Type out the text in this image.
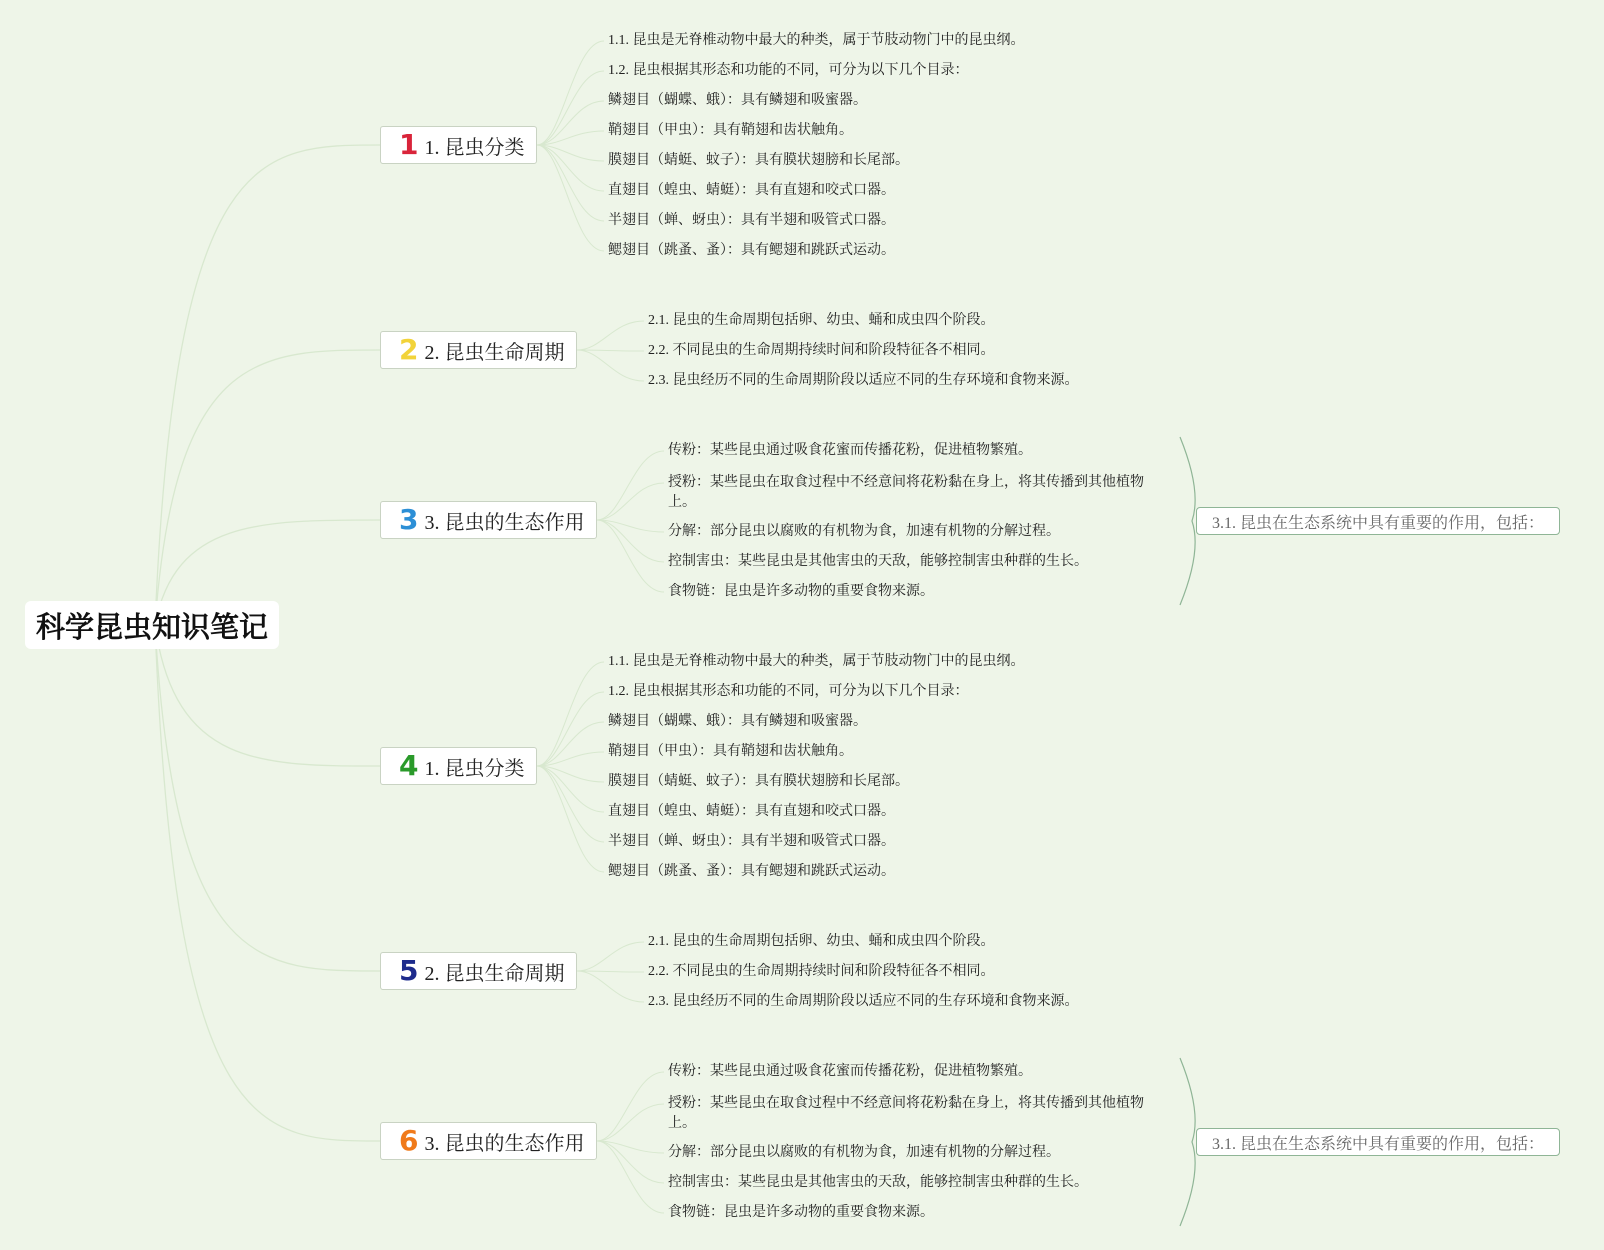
科学昆虫知识笔记
1 1. 昆虫分类
1.1. 昆虫是无脊椎动物中最大的种类，属于节肢动物门中的昆虫纲。
1.2. 昆虫根据其形态和功能的不同，可分为以下几个目录：
鳞翅目（蝴蝶、蛾）：具有鳞翅和吸蜜器。
鞘翅目（甲虫）：具有鞘翅和齿状触角。
膜翅目（蜻蜓、蚊子）：具有膜状翅膀和长尾部。
直翅目（蝗虫、蜻蜓）：具有直翅和咬式口器。
半翅目（蝉、蚜虫）：具有半翅和吸管式口器。
鳃翅目（跳蚤、蚤）：具有鳃翅和跳跃式运动。
2 2. 昆虫生命周期
2.1. 昆虫的生命周期包括卵、幼虫、蛹和成虫四个阶段。
2.2. 不同昆虫的生命周期持续时间和阶段特征各不相同。
2.3. 昆虫经历不同的生命周期阶段以适应不同的生存环境和食物来源。
3 3. 昆虫的生态作用
传粉：某些昆虫通过吸食花蜜而传播花粉，促进植物繁殖。
授粉：某些昆虫在取食过程中不经意间将花粉黏在身上，将其传播到其他植物上。
分解：部分昆虫以腐败的有机物为食，加速有机物的分解过程。
控制害虫：某些昆虫是其他害虫的天敌，能够控制害虫种群的生长。
食物链：昆虫是许多动物的重要食物来源。
3.1. 昆虫在生态系统中具有重要的作用，包括：
4 1. 昆虫分类
1.1. 昆虫是无脊椎动物中最大的种类，属于节肢动物门中的昆虫纲。
1.2. 昆虫根据其形态和功能的不同，可分为以下几个目录：
鳞翅目（蝴蝶、蛾）：具有鳞翅和吸蜜器。
鞘翅目（甲虫）：具有鞘翅和齿状触角。
膜翅目（蜻蜓、蚊子）：具有膜状翅膀和长尾部。
直翅目（蝗虫、蜻蜓）：具有直翅和咬式口器。
半翅目（蝉、蚜虫）：具有半翅和吸管式口器。
鳃翅目（跳蚤、蚤）：具有鳃翅和跳跃式运动。
5 2. 昆虫生命周期
2.1. 昆虫的生命周期包括卵、幼虫、蛹和成虫四个阶段。
2.2. 不同昆虫的生命周期持续时间和阶段特征各不相同。
2.3. 昆虫经历不同的生命周期阶段以适应不同的生存环境和食物来源。
6 3. 昆虫的生态作用
传粉：某些昆虫通过吸食花蜜而传播花粉，促进植物繁殖。
授粉：某些昆虫在取食过程中不经意间将花粉黏在身上，将其传播到其他植物上。
分解：部分昆虫以腐败的有机物为食，加速有机物的分解过程。
控制害虫：某些昆虫是其他害虫的天敌，能够控制害虫种群的生长。
食物链：昆虫是许多动物的重要食物来源。
3.1. 昆虫在生态系统中具有重要的作用，包括：
